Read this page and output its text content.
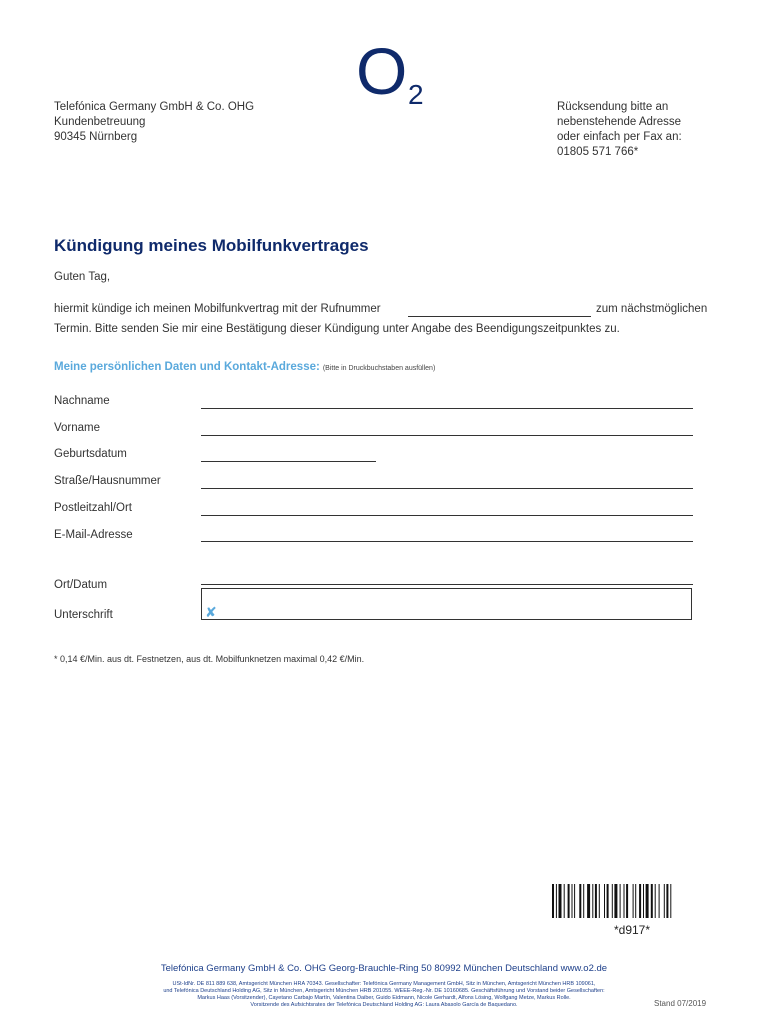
O 2
Telefónica Germany GmbH & Co. OHG
Kundenbetreuung
90345 Nürnberg
Rücksendung bitte an
nebenstehende Adresse
oder einfach per Fax an:
01805 571 766*
Kündigung meines Mobilfunkvertrages
Guten Tag,
hiermit kündige ich meinen Mobilfunkvertrag mit der Rufnummer	zum nächstmöglichen
Termin. Bitte senden Sie mir eine Bestätigung dieser Kündigung unter Angabe des Beendigungszeitpunktes zu.
Meine persönlichen Daten und Kontakt-Adresse: (Bitte in Druckbuchstaben ausfüllen)
Nachname
Vorname
Geburtsdatum
Straße/Hausnummer
Postleitzahl/Ort
E-Mail-Adresse
Ort/Datum
Unterschrift	✘
* 0,14 €/Min. aus dt. Festnetzen, aus dt. Mobilfunknetzen maximal 0,42 €/Min.
*d917*
Telefónica Germany GmbH & Co. OHG Georg-Brauchle-Ring 50 80992 München Deutschland www.o2.de
USt-IdNr. DE 811 889 638, Amtsgericht München HRA 70343. Gesellschafter: Telefónica Germany Management GmbH, Sitz in München, Amtsgericht München HRB 109061,
und Telefónica Deutschland Holding AG, Sitz in München, Amtsgericht München HRB 201055. WEEE-Reg.-Nr. DE 10160685. Geschäftsführung und Vorstand beider Gesellschaften:
Markus Haas (Vorsitzender), Cayetano Carbajo Martín, Valentina Daiber, Guido Eidmann, Nicole Gerhardt, Alfons Lösing, Wolfgang Metze, Markus Rolle.
Vorsitzende des Aufsichtsrates der Telefónica Deutschland Holding AG: Laura Abasolo García de Baquedano.	Stand 07/2019
